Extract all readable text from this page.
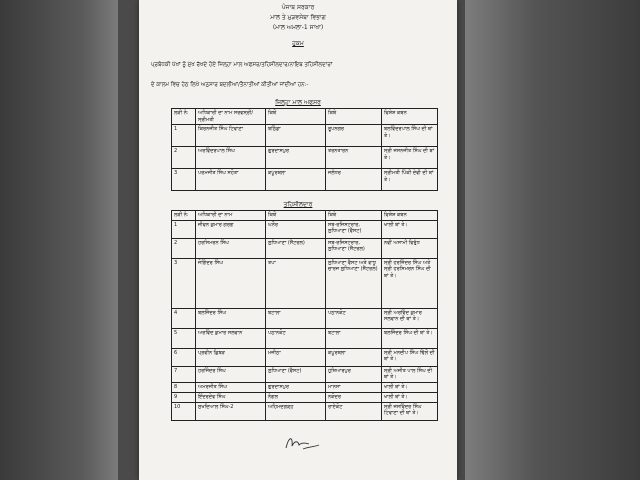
ਪੰਜਾਬ ਸਰਕਾਰ
ਮਾਲ ਤੇ ਮੁੜਵਸੇਬਾ ਵਿਭਾਗ
(ਮਾਲ ਅਮਲਾ-1 ਸਾਖਾ)
ਹੁਕਮ
ਪ੍ਰਬੰਧਕੀ ਪੱਖਾਂ ਨੂੰ ਮੁੱਖ ਰੱਖਦੇ ਹੋਏ ਜਿਲ੍ਹਾ ਮਾਲ ਅਫਸਰ/ਤਹਿਸੀਲਦਾਰ/ਨਾਇਬ ਤਹਿਸੀਲਦਾਰਾਂ
ਦੇ ਕਾਲਮ ਵਿਚ ਹੇਠ ਲਿਖੇ ਅਨੁਸਾਰ ਬਦਲੀਆਂ/ਤੈਨਾਤੀਆਂ ਕੀਤੀਆਂ ਜਾਂਦੀਆਂ ਹਨ:-
ਜਿਲ੍ਹਾ ਮਾਲ ਅਫਸਰ
ਲੜੀ ਨੰ:	ਅਧਿਕਾਰੀ ਦਾ ਨਾਮ ਸਰਵਸ੍ਰੀ/ਸ੍ਰੀਮਤੀ	ਕਿਥੋਂ	ਕਿਥੇ	ਵਿਸ਼ੇਸ਼ ਕਥਨ
1	ਕਿਰਨਜੀਤ ਸਿੰਘ ਟਿਵਾਣਾ	ਬਠਿੰਡਾ	ਰੂਪਨਗਰ	ਬਲਵਿੰਦਰਪਾਲ ਸਿੰਘ ਦੀ ਥਾਂ ਤੇ।
2	ਅਰਵਿੰਦਰਪਾਲ ਸਿੰਘ	ਗੁਰਦਾਸਪੁਰ	ਤਰਨਤਾਰਨ	ਸ੍ਰੀ ਜਸਨਜੀਤ ਸਿੰਘ ਦੀ ਥਾਂ ਤੇ।
3	ਪਰਮਜੀਤ ਸਿੰਘ ਸਹੋਤਾ	ਕਪੂਰਥਲਾ	ਜਲੰਧਰ	ਸ੍ਰੀਮਤੀ ਪਿੰਕੀ ਦੇਵੀ ਦੀ ਥਾਂ ਤੇ।
ਤਹਿਸੀਲਦਾਰ
ਲੜੀ ਨੰ:	ਅਧਿਕਾਰੀ ਦਾ ਨਾਮ	ਕਿਥੋਂ	ਕਿਥੇ	ਵਿਸ਼ੇਸ਼ ਕਥਨ
1	ਜੀਵਨ ਕੁਮਾਰ ਗਰਗ	ਘਨੌਰ	ਸਬ-ਰਜਿਸਟਰਾਰ, ਲੁਧਿਆਣਾ (ਵੈਸਟ)	ਖਾਲੀ ਥਾਂ ਤੇ।
2	ਹਰਸਿਮਰਨ ਸਿੰਘ	ਲੁਧਿਆਣਾ (ਸੈਂਟਰਲ)	ਸਬ-ਰਜਿਸਟਰਾਰ, ਲੁਧਿਆਣਾ (ਸੈਂਟਰਲ)	ਨਵੀਂ ਅਸਾਮੀ ਵਿਰੁੱਧ
3	ਜੋਗਿੰਦਰ ਸਿੰਘ	ਤਪਾ	ਲੁਧਿਆਣਾ ਵੈਸਟ ਅਤੇ ਵਾਧੂ ਚਾਰਜ ਲੁਧਿਆਣਾ (ਸੈਂਟਰਲ)	ਸ੍ਰੀ ਹਰਜਿੰਦਰ ਸਿੰਘ ਅਤੇ ਸ੍ਰੀ ਹਰਸਿਮਰਨ ਸਿੰਘ ਦੀ ਥਾਂ ਤੇ।
4	ਬਲਜਿੰਦਰ ਸਿੰਘ	ਬਟਾਲਾ	ਪਠਾਨਕੋਟ	ਸ੍ਰੀ ਅਰਵਿੰਦ ਕੁਮਾਰ ਸਲਵਾਨ ਦੀ ਥਾਂ ਤੇ।
5	ਅਰਵਿੰਦ ਕੁਮਾਰ ਸਲਵਾਨ	ਪਠਾਨਕੋਟ	ਬਟਾਲਾ	ਬਲਜਿੰਦਰ ਸਿੰਘ ਦੀ ਥਾਂ ਤੇ।
6	ਪ੍ਰਵੀਨ ਛਿਬੜ	ਮਜੀਠਾ	ਕਪੂਰਥਲਾ	ਸ੍ਰੀ ਮਨਦੀਪ ਸਿੰਘ ਢਿੱਲੋਂ ਦੀ ਥਾਂ ਤੇ।
7	ਹਰਜਿੰਦਰ ਸਿੰਘ	ਲੁਧਿਆਣਾ (ਵੈਸਟ)	ਹੁਸ਼ਿਆਰਪੁਰ	ਸ੍ਰੀ ਅਜੀਤ ਪਾਲ ਸਿੰਘ ਦੀ ਥਾਂ ਤੇ।
8	ਅਮਰਜੀਤ ਸਿੰਘ	ਗੁਰਦਾਸਪੁਰ	ਮਾਨਸਾ	ਖਾਲੀ ਥਾਂ ਤੇ।
9	ਇੰਦਰਦੇਵ ਸਿੰਘ	ਨੰਗਲ	ਨਕੋਦਰ	ਖਾਲੀ ਥਾਂ ਤੇ।
10	ਸੁਖਦਿਆਲ ਸਿੰਘ-2	ਅਹਿਮਦਗੜ੍ਹ	ਰਾਏਕੋਟ	ਸ੍ਰੀ ਜਸਵਿੰਦਰ ਸਿੰਘ ਟਿਵਾਣਾ ਦੀ ਥਾਂ ਤੇ।
